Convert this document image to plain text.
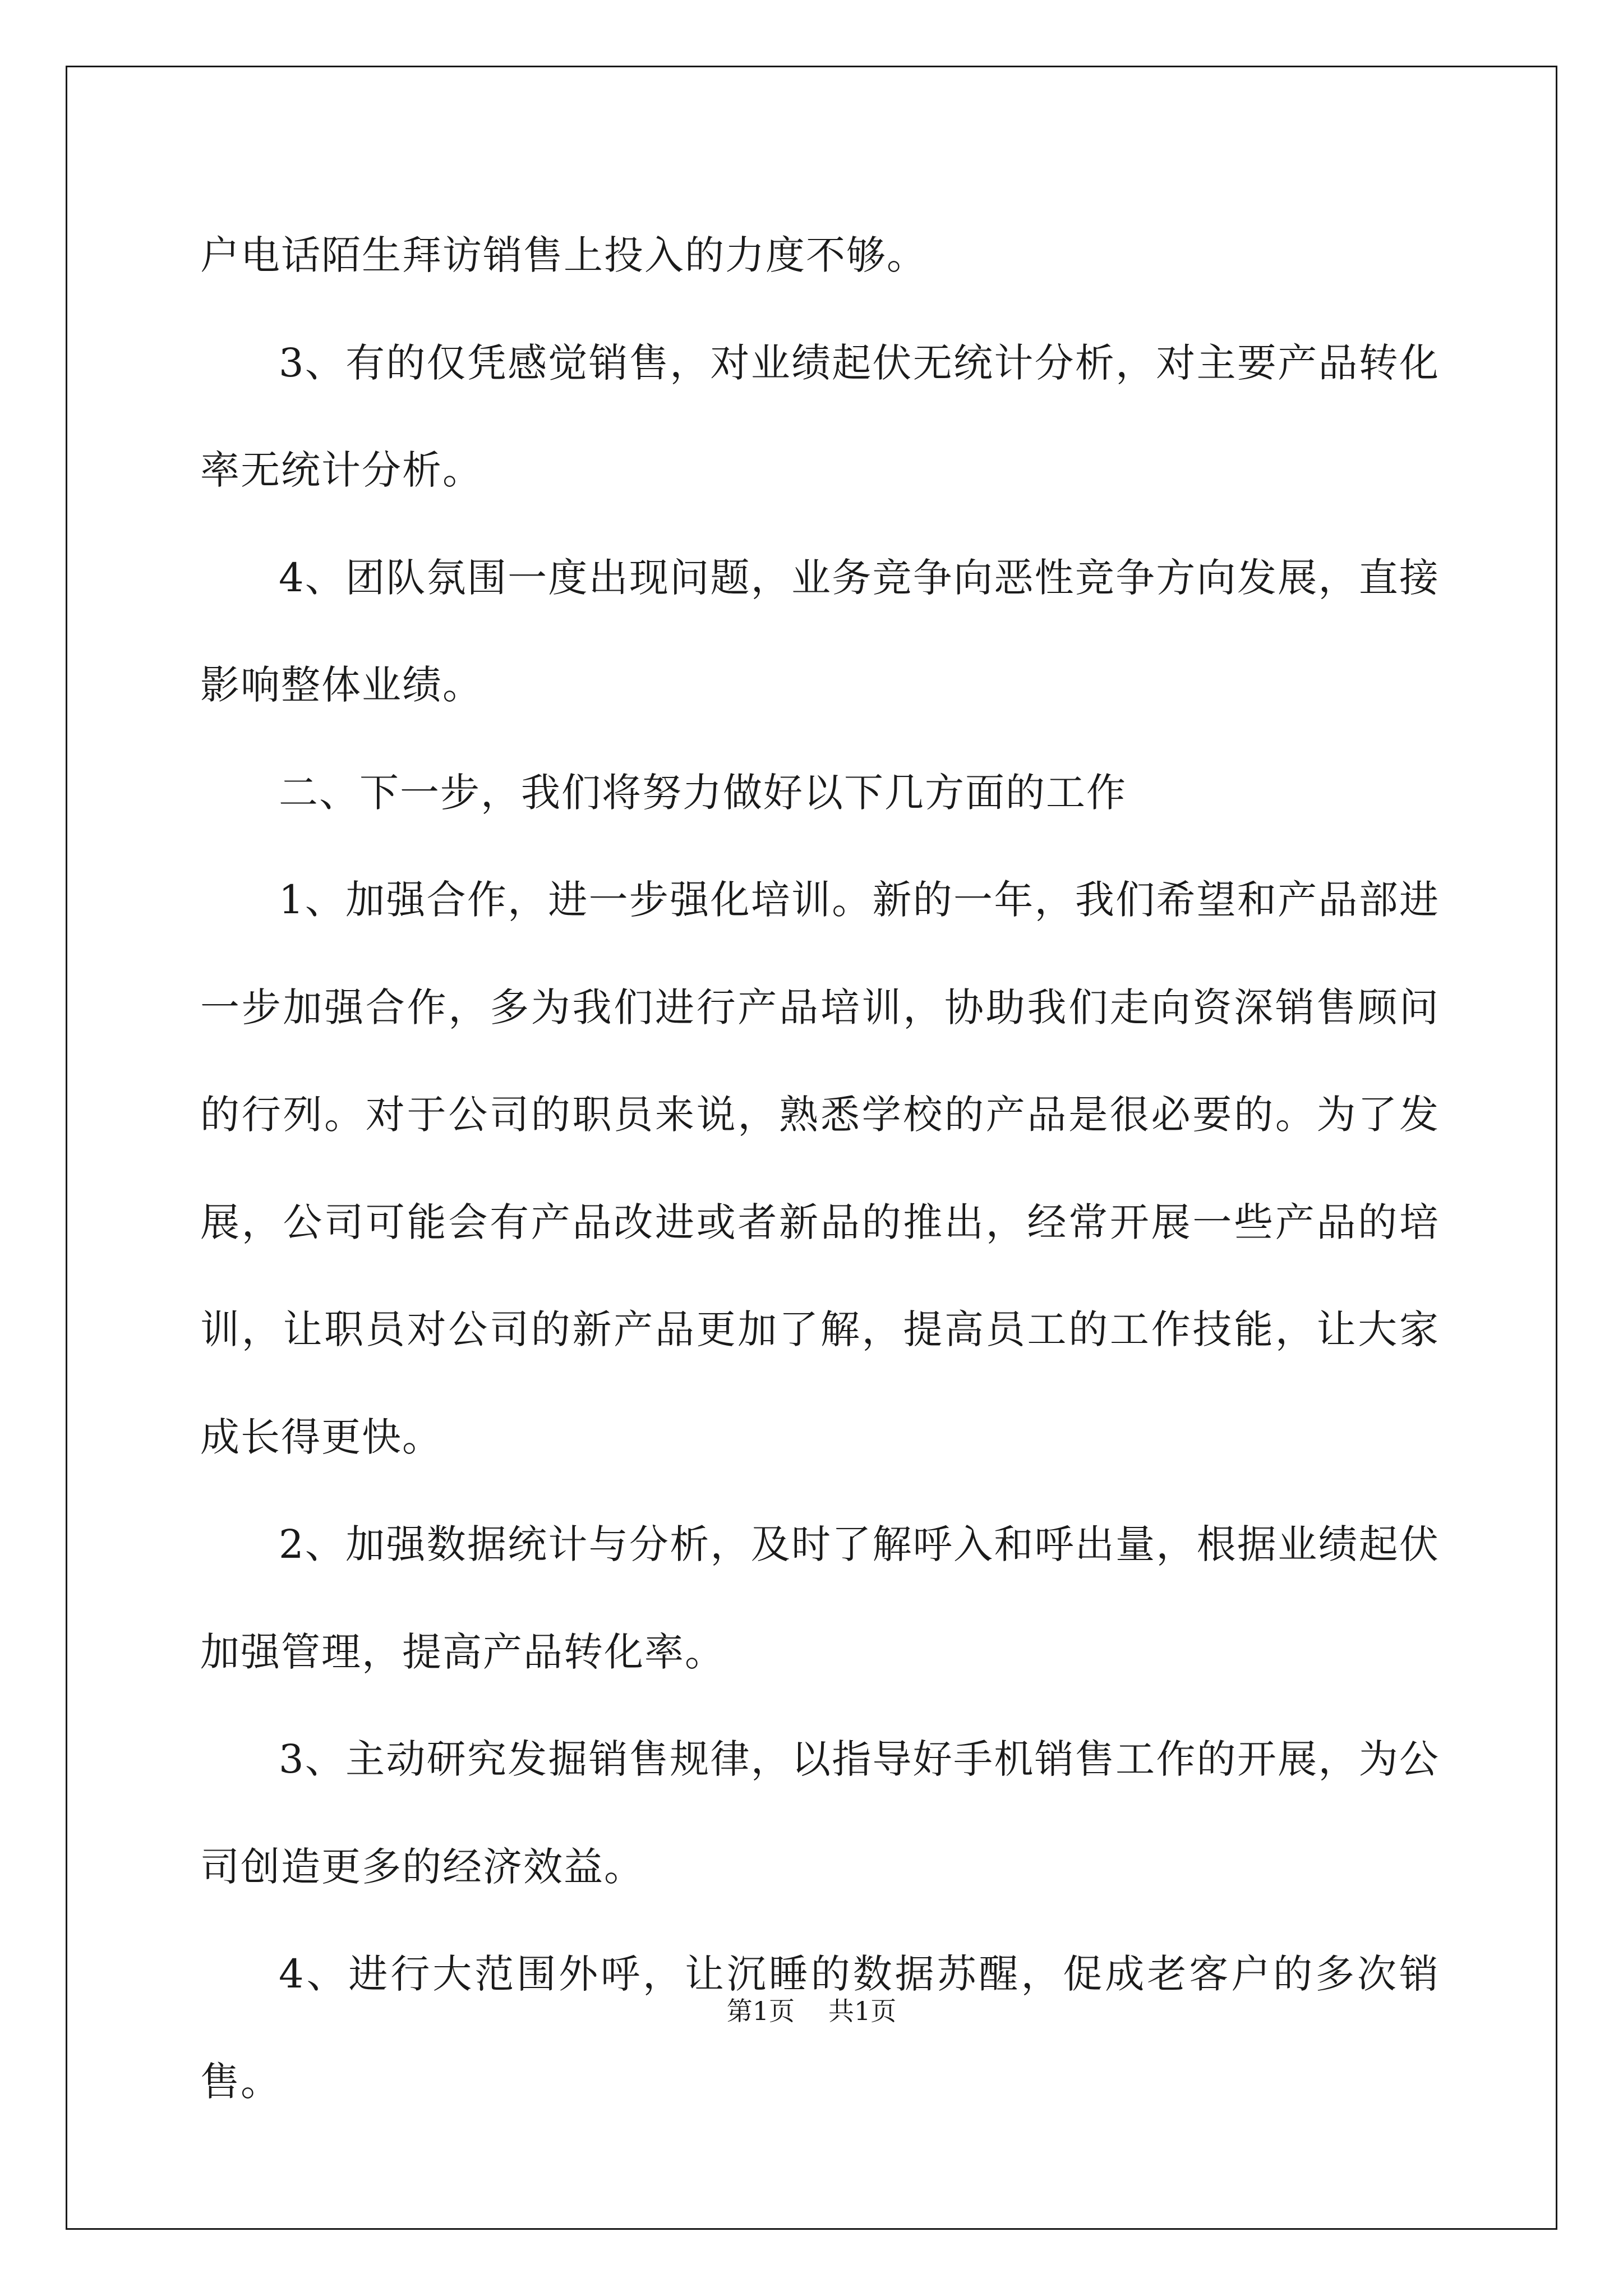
户电话陌生拜访销售上投入的力度不够。

3、有的仅凭感觉销售，对业绩起伏无统计分析，对主要产品转化率无统计分析。

4、团队氛围一度出现问题，业务竞争向恶性竞争方向发展，直接影响整体业绩。

二、下一步，我们将努力做好以下几方面的工作

1、加强合作，进一步强化培训。新的一年，我们希望和产品部进一步加强合作，多为我们进行产品培训，协助我们走向资深销售顾问的行列。对于公司的职员来说，熟悉学校的产品是很必要的。为了发展，公司可能会有产品改进或者新品的推出，经常开展一些产品的培训，让职员对公司的新产品更加了解，提高员工的工作技能，让大家成长得更快。

2、加强数据统计与分析，及时了解呼入和呼出量，根据业绩起伏加强管理，提高产品转化率。

3、主动研究发掘销售规律，以指导好手机销售工作的开展，为公司创造更多的经济效益。

4、进行大范围外呼，让沉睡的数据苏醒，促成老客户的多次销售。

第1页 共1页
